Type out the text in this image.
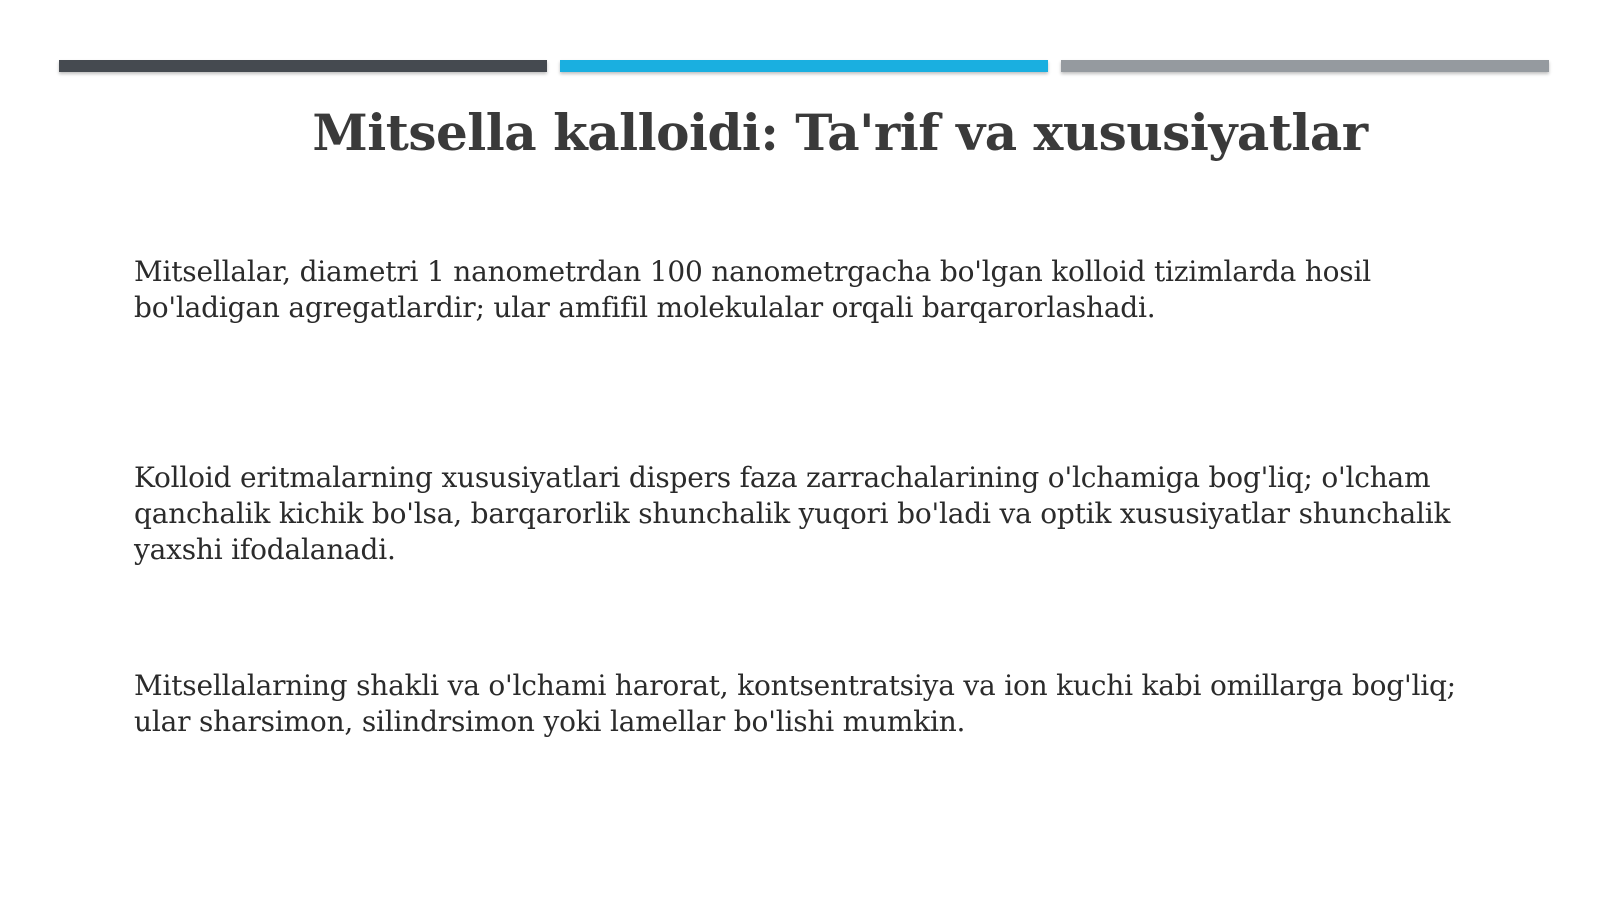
Mitsella kalloidi: Ta'rif va xususiyatlar

Mitsellalar, diametri 1 nanometrdan 100 nanometrgacha bo'lgan kolloid tizimlarda hosil bo'ladigan agregatlardir; ular amfifil molekulalar orqali barqarorlashadi.

Kolloid eritmalarning xususiyatlari dispers faza zarrachalarining o'lchamiga bog'liq; o'lcham qanchalik kichik bo'lsa, barqarorlik shunchalik yuqori bo'ladi va optik xususiyatlar shunchalik yaxshi ifodalanadi.

Mitsellalarning shakli va o'lchami harorat, kontsentratsiya va ion kuchi kabi omillarga bog'liq; ular sharsimon, silindrsimon yoki lamellar bo'lishi mumkin.
